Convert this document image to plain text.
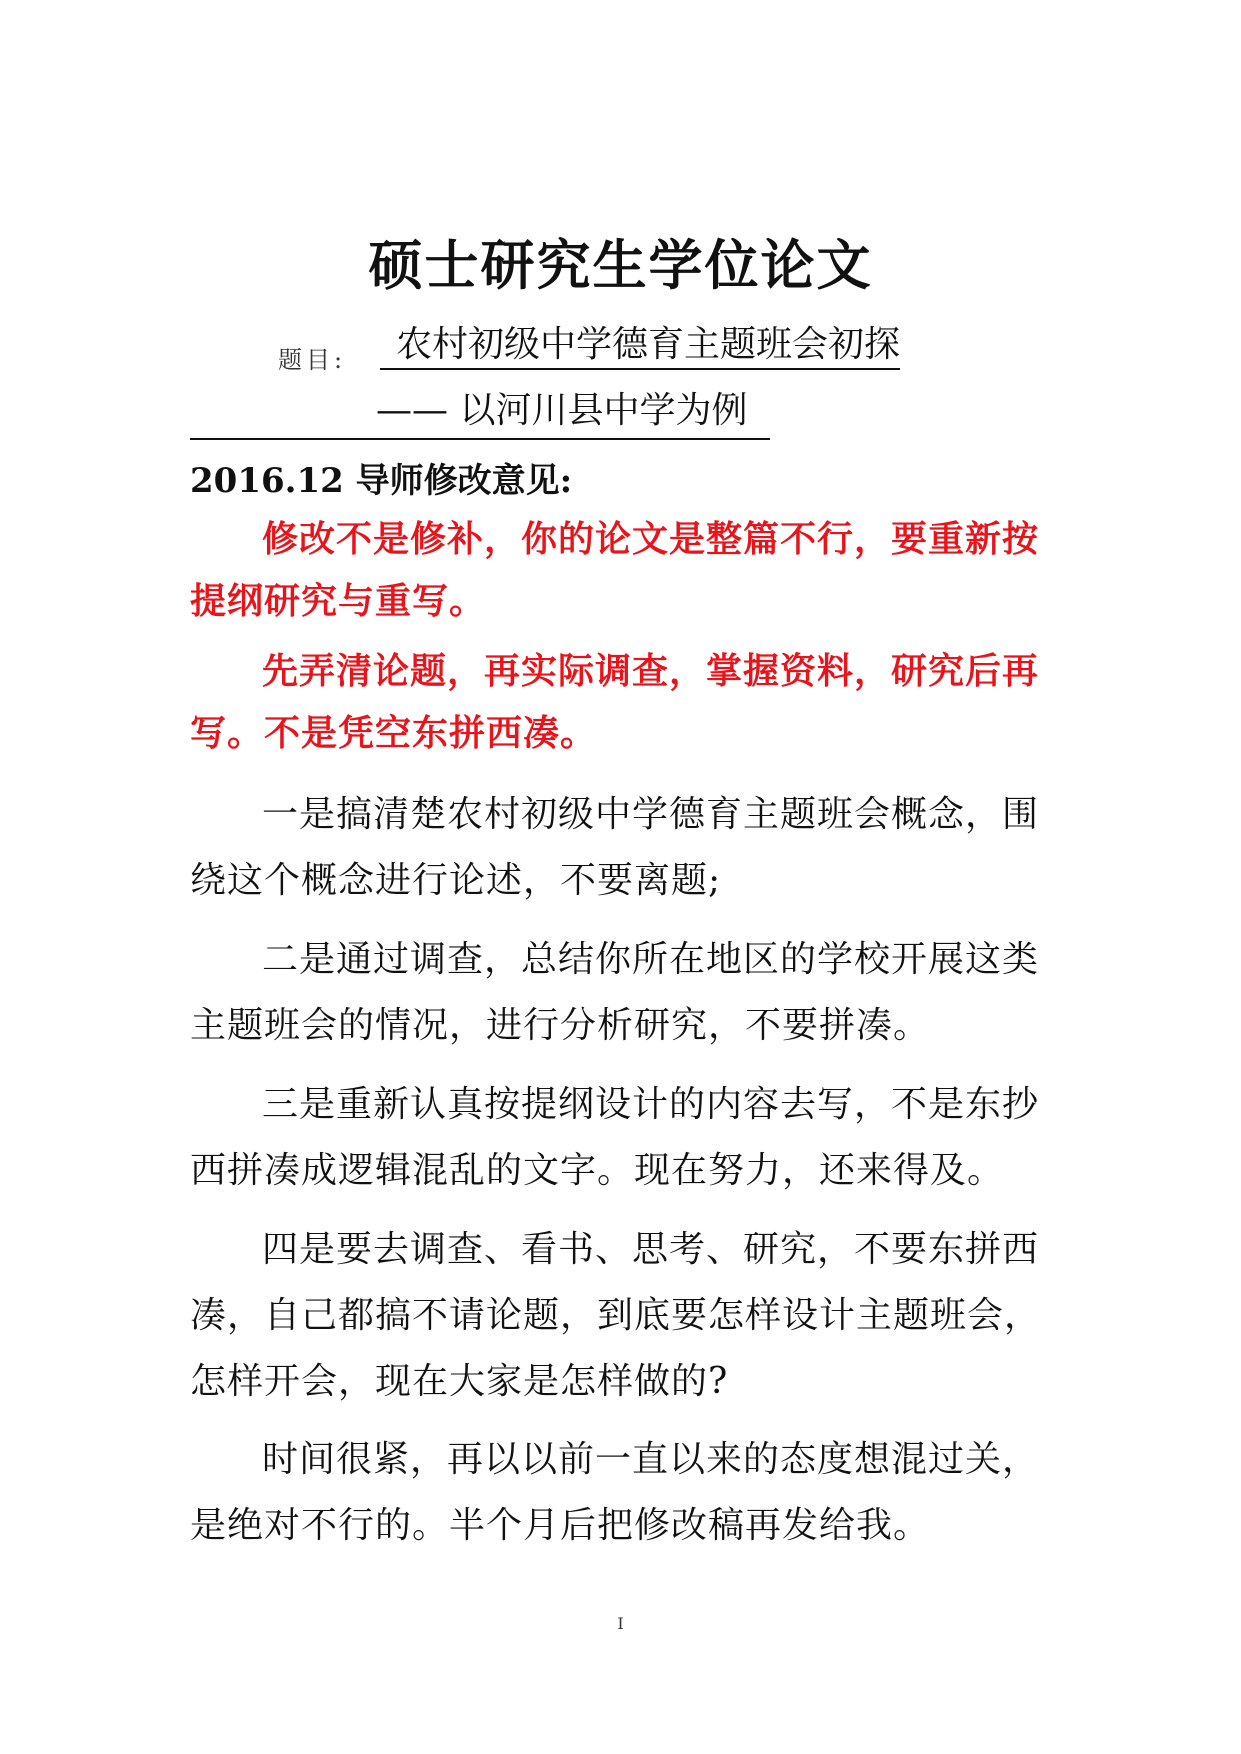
硕士研究生学位论文
题目:	农村初级中学德育主题班会初探
—— 以河川县中学为例
2016.12 导师修改意见:

修改不是修补，你的论文是整篇不行，要重新按提纲研究与重写。

先弄清论题，再实际调查，掌握资料，研究后再写。不是凭空东拼西凑。

一是搞清楚农村初级中学德育主题班会概念，围绕这个概念进行论述，不要离题;

二是通过调查，总结你所在地区的学校开展这类主题班会的情况，进行分析研究，不要拼凑。

三是重新认真按提纲设计的内容去写，不是东抄西拼凑成逻辑混乱的文字。现在努力，还来得及。

四是要去调查、看书、思考、研究，不要东拼西凑，自己都搞不请论题，到底要怎样设计主题班会，怎样开会，现在大家是怎样做的?

时间很紧，再以以前一直以来的态度想混过关，是绝对不行的。半个月后把修改稿再发给我。

I
